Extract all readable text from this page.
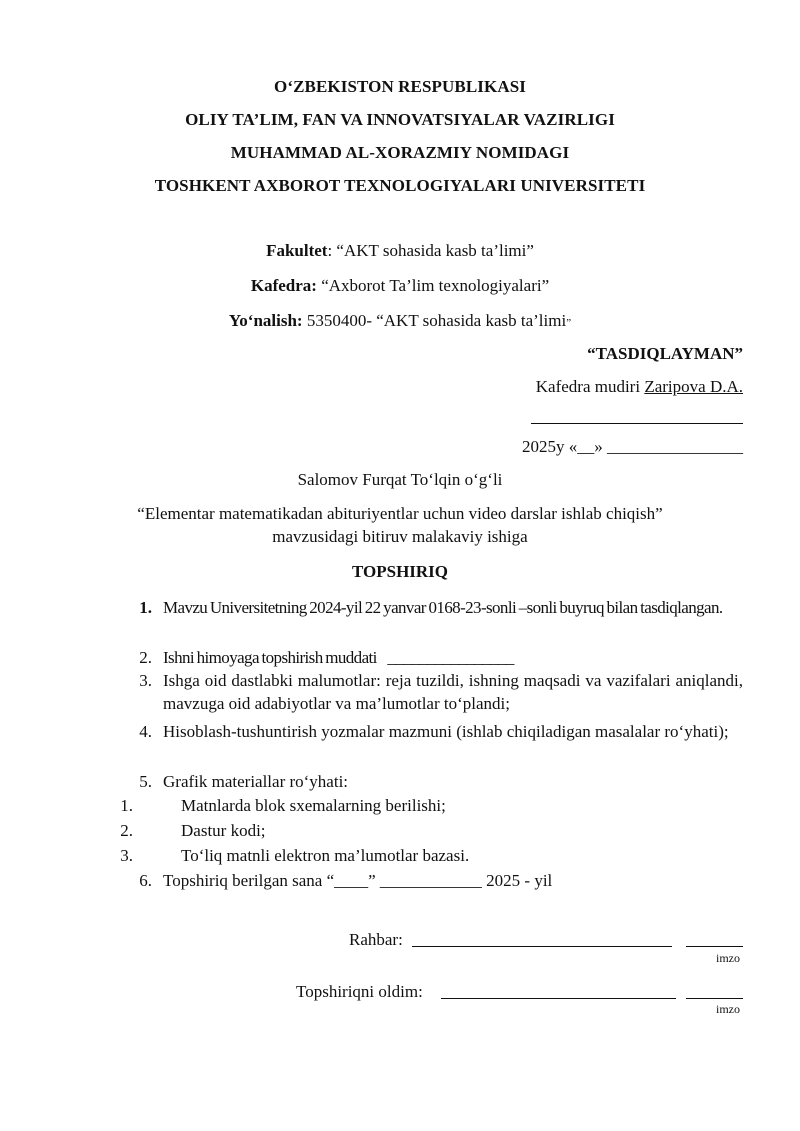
O‘ZBEKISTON RESPUBLIKASI
OLIY TA’LIM, FAN VA INNOVATSIYALAR VAZIRLIGI
MUHAMMAD AL-XORAZMIY NOMIDAGI
TOSHKENT AXBOROT TEXNOLOGIYALARI UNIVERSITETI
Fakultet: “AKT sohasida kasb ta’limi”
Kafedra: “Axborot Ta’lim texnologiyalari”
Yo‘nalish: 5350400- “AKT sohasida kasb ta’limi”
“TASDIQLAYMAN”
Kafedra mudiri Zaripova D.A.
2025y «__» ________________
Salomov Furqat To‘lqin o‘g‘li
“Elementar matematikadan abituriyentlar uchun video darslar ishlab chiqish”
mavzusidagi bitiruv malakaviy ishiga
TOPSHIRIQ
1. Mavzu Universitetning 2024-yil 22 yanvar 0168-23-sonli –sonli buyruq bilan tasdiqlangan.
2. Ishni himoyaga topshirish muddati ________________
3. Ishga oid dastlabki malumotlar: reja tuzildi, ishning maqsadi va vazifalari aniqlandi, mavzuga oid adabiyotlar va ma’lumotlar to‘plandi;
4. Hisoblash-tushuntirish yozmalar mazmuni (ishlab chiqiladigan masalalar ro‘yhati);
5. Grafik materiallar ro‘yhati:
1.	Matnlarda blok sxemalarning berilishi;
2.	Dastur kodi;
3.	To‘liq matnli elektron ma’lumotlar bazasi.
6. Topshiriq berilgan sana “____” ____________ 2025 - yil
Rahbar:
imzo
Topshiriqni oldim:
imzo
